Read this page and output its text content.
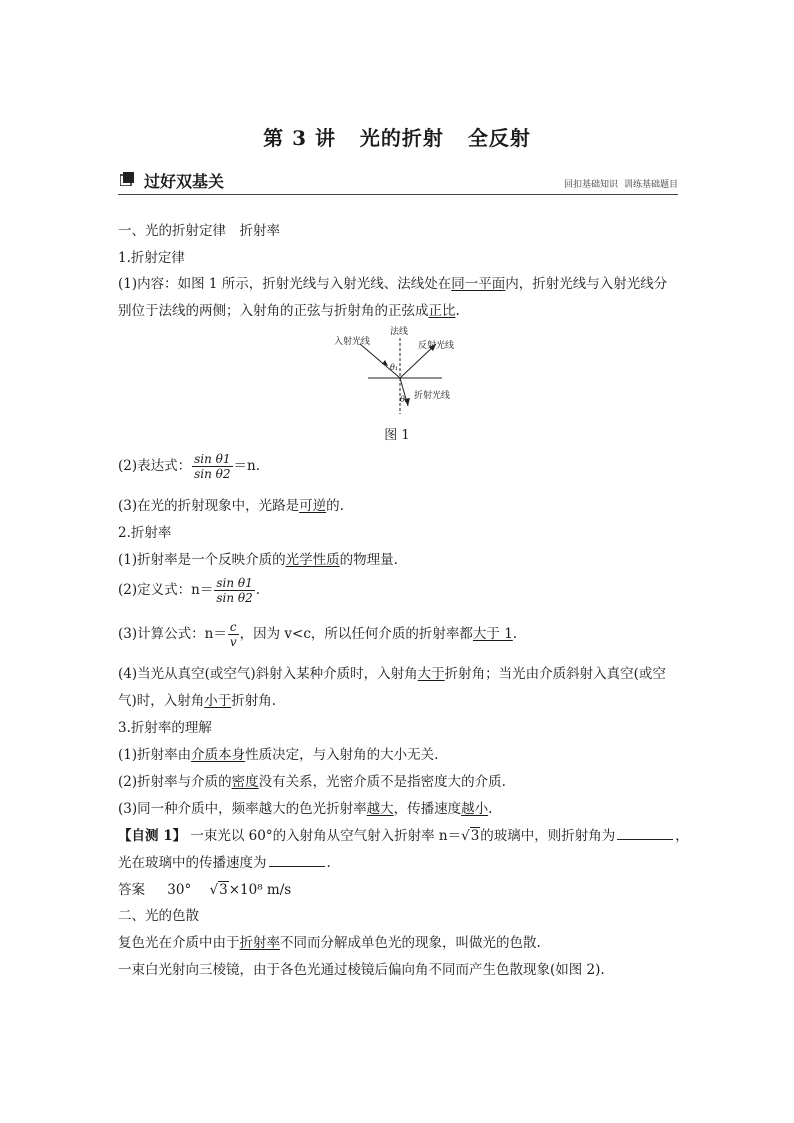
第 3 讲 光的折射 全反射
过好双基关	回扣基础知识 训练基础题目
一、光的折射定律　折射率
1.折射定律
(1)内容：如图 1 所示，折射光线与入射光线、法线处在同一平面内，折射光线与入射光线分
别位于法线的两侧；入射角的正弦与折射角的正弦成正比.
法线
入射光线	反射光线
折射光线
θ₁
θ₂
图 1
(2)表达式： $\frac{\text{sin θ1}}{\text{sin θ2}} =n$.
(3)在光的折射现象中，光路是可逆的.
2.折射率
(1)折射率是一个反映介质的光学性质的物理量.
(2)定义式：$n= \frac{\text{sin θ1}}{\text{sin θ2}}$ .
(3)计算公式：$n= \frac{c}{v}$ ，因为 v<c，所以任何介质的折射率都大于 1.
(4)当光从真空(或空气)斜射入某种介质时，入射角大于折射角；当光由介质斜射入真空(或空
气)时，入射角小于折射角.
3.折射率的理解
(1)折射率由介质本身性质决定，与入射角的大小无关.
(2)折射率与介质的密度没有关系，光密介质不是指密度大的介质.
(3)同一种介质中，频率越大的色光折射率越大，传播速度越小.
【自测 1】 一束光以 60°的入射角从空气射入折射率 n＝√3的玻璃中，则折射角为	，
光在玻璃中的传播速度为	.
答案 30° √3×10⁸ m/s
二、光的色散
复色光在介质中由于折射率不同而分解成单色光的现象，叫做光的色散.
一束白光射向三棱镜，由于各色光通过棱镜后偏向角不同而产生色散现象(如图 2).
